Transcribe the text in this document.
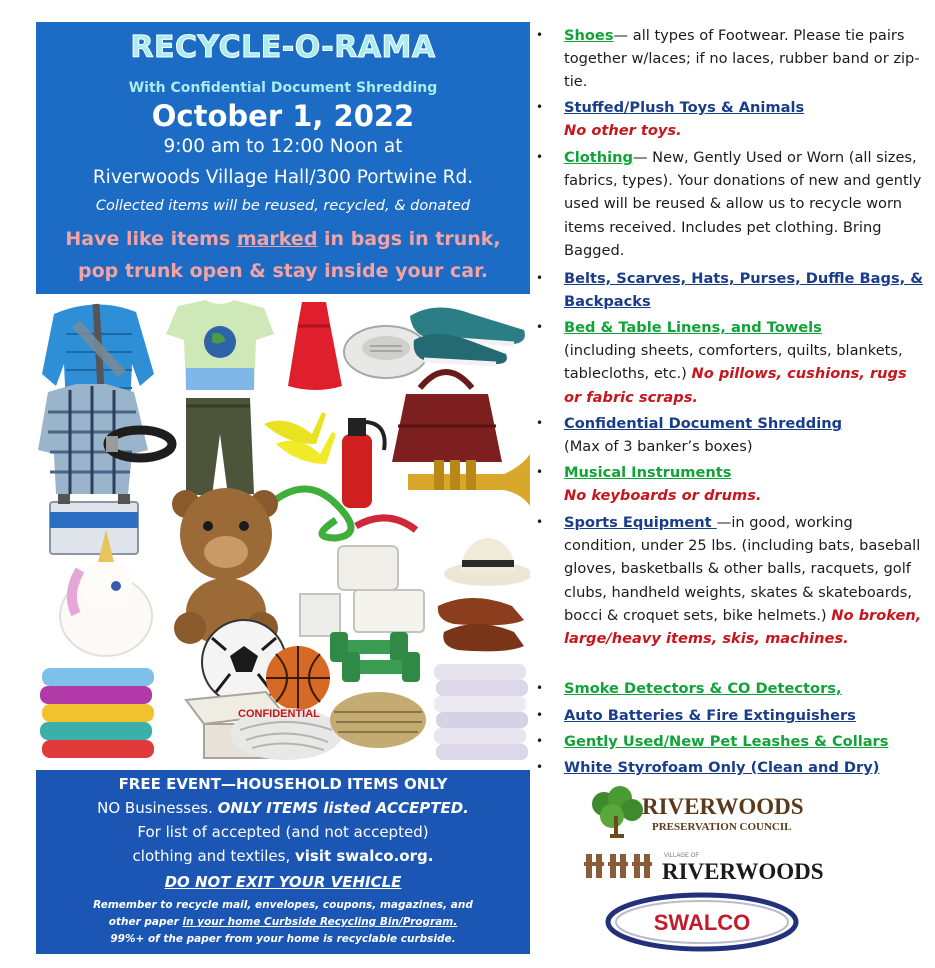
RECYCLE-O-RAMA
With Confidential Document Shredding
October 1, 2022
9:00 am to 12:00 Noon at
Riverwoods Village Hall/300 Portwine Rd.
Collected items will be reused, recycled, & donated
Have like items marked in bags in trunk,
pop trunk open & stay inside your car.
CONFIDENTIAL
FREE EVENT—HOUSEHOLD ITEMS ONLY
NO Businesses. ONLY ITEMS listed ACCEPTED.
For list of accepted (and not accepted)
clothing and textiles, visit swalco.org.
DO NOT EXIT YOUR VEHICLE
Remember to recycle mail, envelopes, coupons, magazines, and
other paper in your home Curbside Recycling Bin/Program.
99%+ of the paper from your home is recyclable curbside.
• Shoes— all types of Footwear. Please tie pairs together w/laces; if no laces, rubber band or zip-tie.
• Stuffed/Plush Toys & Animals
No other toys.
• Clothing— New, Gently Used or Worn (all sizes, fabrics, types). Your donations of new and gently used will be reused & allow us to recycle worn items received. Includes pet clothing. Bring Bagged.
• Belts, Scarves, Hats, Purses, Duffle Bags, & Backpacks
• Bed & Table Linens, and Towels
(including sheets, comforters, quilts, blankets, tablecloths, etc.) No pillows, cushions, rugs or fabric scraps.
• Confidential Document Shredding
(Max of 3 banker’s boxes)
• Musical Instruments
No keyboards or drums.
• Sports Equipment —in good, working condition, under 25 lbs. (including bats, baseball gloves, basketballs & other balls, racquets, golf clubs, handheld weights, skates & skateboards, bocci & croquet sets, bike helmets.) No broken, large/heavy items, skis, machines.
• Smoke Detectors & CO Detectors,
• Auto Batteries & Fire Extinguishers
• Gently Used/New Pet Leashes & Collars
• White Styrofoam Only (Clean and Dry)
RIVERWOODS
PRESERVATION COUNCIL
VILLAGE OF
RIVERWOODS
SWALCO
